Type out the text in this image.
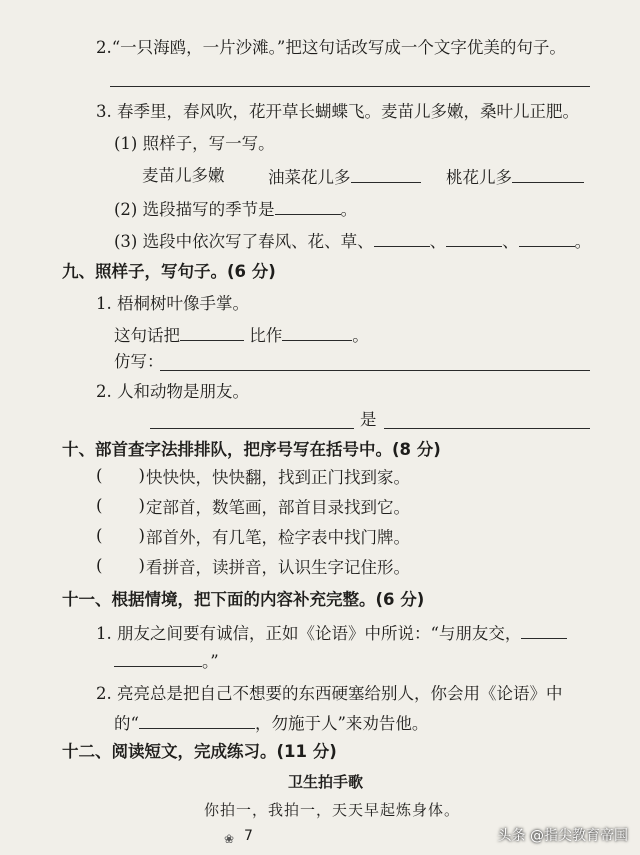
2.“一只海鸥，一片沙滩。”把这句话改写成一个文字优美的句子。
3. 春季里，春风吹，花开草长蝴蝶飞。麦苗儿多嫩，桑叶儿正肥。
(1) 照样子，写一写。
麦苗儿多嫩	油菜花儿多	桃花儿多
(2) 选段描写的季节是	。
(3) 选段中依次写了春风、花、草、	、	、	。
九、照样子，写句子。(6 分)
1. 梧桐树叶像手掌。
这句话把	比作	。
仿写：
2. 人和动物是朋友。
是
十、部首查字法排排队，把序号写在括号中。(8 分)
( ) 快快快，快快翻，找到正门找到家。
( ) 定部首，数笔画，部首目录找到它。
( ) 部首外，有几笔，检字表中找门牌。
( ) 看拼音，读拼音，认识生字记住形。
十一、根据情境，把下面的内容补充完整。(6 分)
1. 朋友之间要有诚信，正如《论语》中所说：“与朋友交，
。”
2. 亮亮总是把自己不想要的东西硬塞给别人，你会用《论语》中
的“	，勿施于人”来劝告他。
十二、阅读短文，完成练习。(11 分)
卫生拍手歌
你拍一，我拍一，天天早起炼身体。
❀ 7	头条 @指尖教育帝国
